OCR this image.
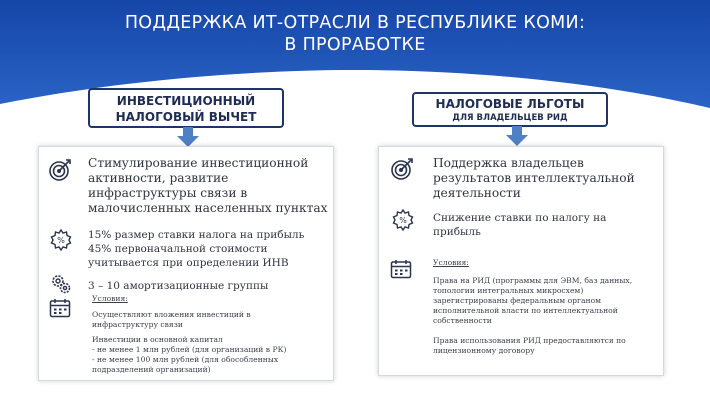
ПОДДЕРЖКА ИТ-ОТРАСЛИ В РЕСПУБЛИКЕ КОМИ:
В ПРОРАБОТКЕ
ИНВЕСТИЦИОННЫЙ
НАЛОГОВЫЙ ВЫЧЕТ
НАЛОГОВЫЕ ЛЬГОТЫ
ДЛЯ ВЛАДЕЛЬЦЕВ РИД
Стимулирование инвестиционной
активности, развитие
инфраструктуры связи в
малочисленных населенных пунктах
% 15% размер ставки налога на прибыль
45% первоначальной стоимости
учитывается при определении ИНВ
3 – 10 амортизационные группы
Условия:
Осуществляют вложения инвестиций в
инфраструктуру связи
Инвестиции в основной капитал
- не менее 1 млн рублей (для организаций в РК)
- не менее 100 млн рублей (для обособленных
подразделений организаций)
Поддержка владельцев
результатов интеллектуальной
деятельности
% Снижение ставки по налогу на
прибыль
Условия:
Права на РИД (программы для ЭВМ, баз данных,
топологии интегральных микросхем)
зарегистрированы федеральным органом
исполнительной власти по интеллектуальной
собственности
Права использования РИД предоставляются по
лицензионному договору
